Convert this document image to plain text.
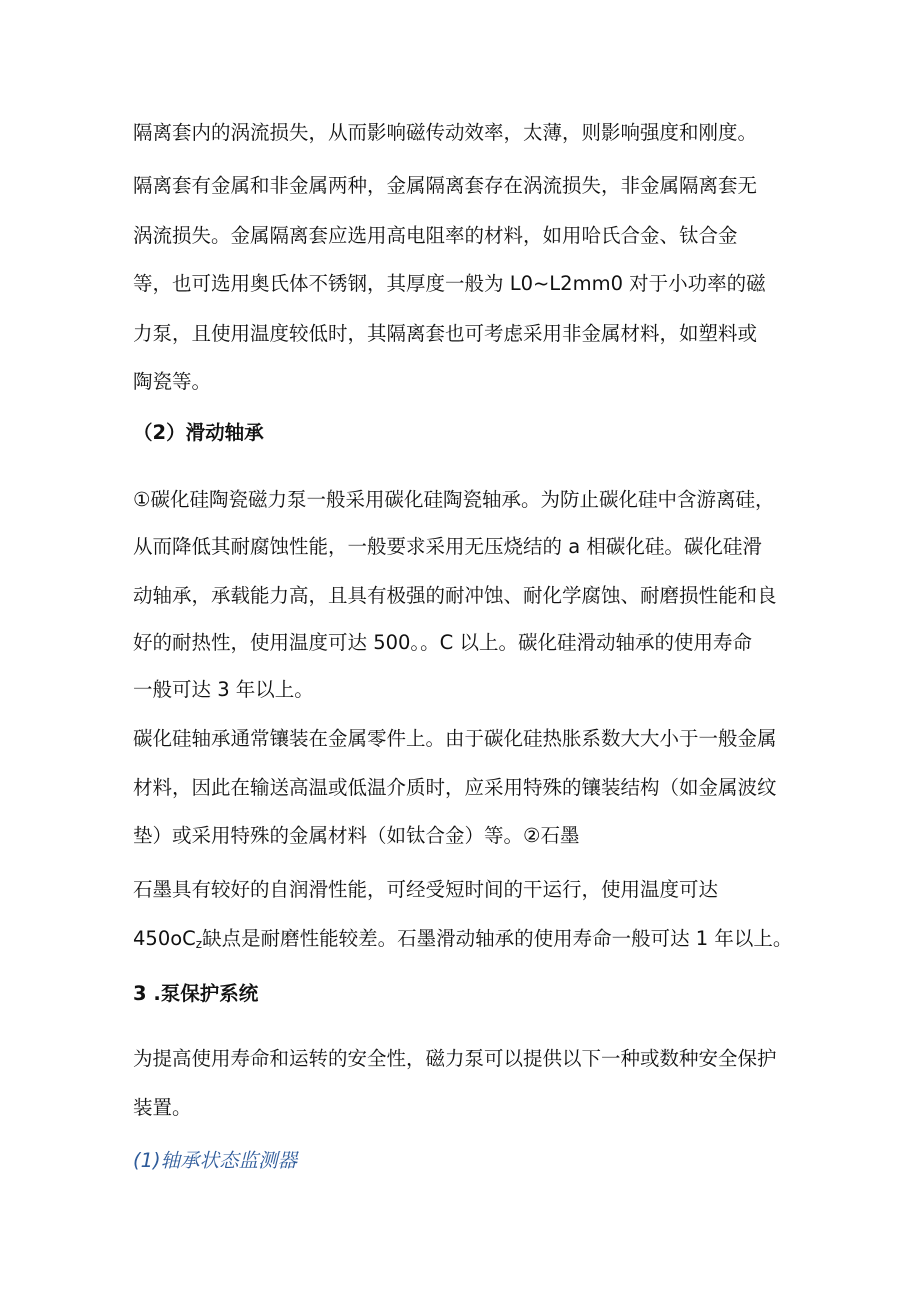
隔离套内的涡流损失，从而影响磁传动效率，太薄，则影响强度和刚度。
隔离套有金属和非金属两种，金属隔离套存在涡流损失，非金属隔离套无
涡流损失。金属隔离套应选用高电阻率的材料，如用哈氏合金、钛合金
等，也可选用奥氏体不锈钢，其厚度一般为 L0~L2mm0 对于小功率的磁
力泵，且使用温度较低时，其隔离套也可考虑采用非金属材料，如塑料或
陶瓷等。
（2）滑动轴承
①碳化硅陶瓷磁力泵一般采用碳化硅陶瓷轴承。为防止碳化硅中含游离硅，
从而降低其耐腐蚀性能，一般要求采用无压烧结的 a 相碳化硅。碳化硅滑
动轴承，承载能力高，且具有极强的耐冲蚀、耐化学腐蚀、耐磨损性能和良
好的耐热性，使用温度可达 500。。C 以上。碳化硅滑动轴承的使用寿命
一般可达 3 年以上。
碳化硅轴承通常镶装在金属零件上。由于碳化硅热胀系数大大小于一般金属
材料，因此在输送高温或低温介质时，应采用特殊的镶装结构（如金属波纹
垫）或采用特殊的金属材料（如钛合金）等。②石墨
石墨具有较好的自润滑性能，可经受短时间的干运行，使用温度可达
$450oC_z$缺点是耐磨性能较差。石墨滑动轴承的使用寿命一般可达 1 年以上。
3 .泵保护系统
为提高使用寿命和运转的安全性，磁力泵可以提供以下一种或数种安全保护
装置。
(1)轴承状态监测器
